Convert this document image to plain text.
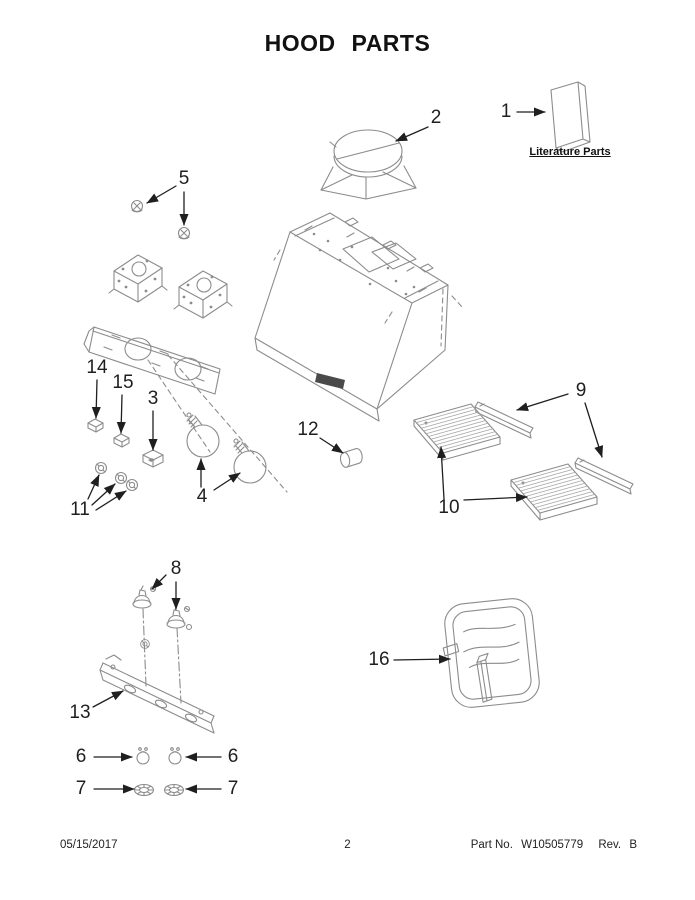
HOOD PARTS
1
2
5
14
15
3
11
4
12
9
10
8
13
16
6	6
7	7
Literature Parts
05/15/2017	2	Part No. W10505779 Rev. B
